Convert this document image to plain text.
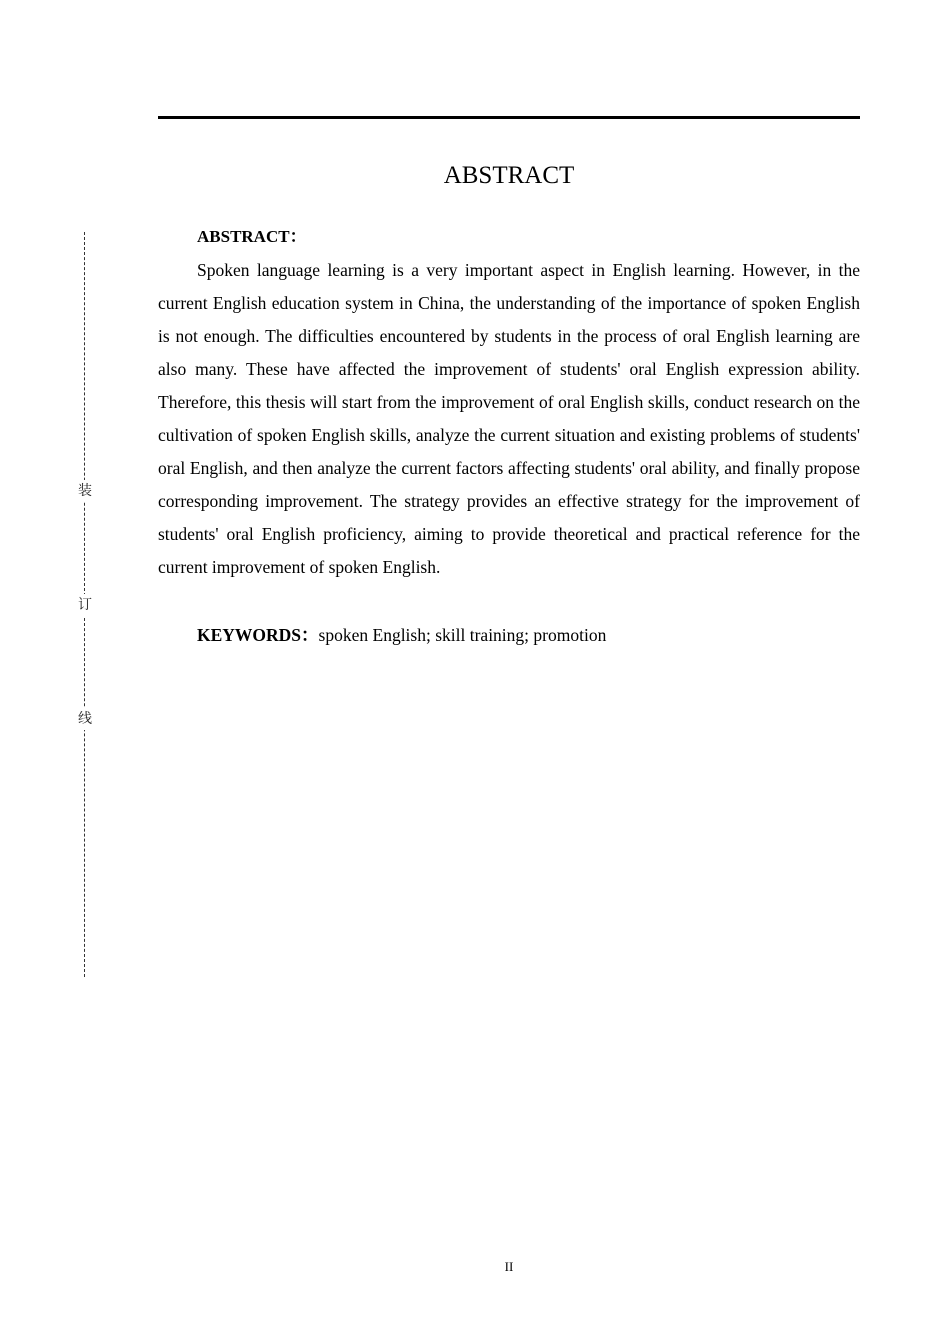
装
订
线
ABSTRACT
ABSTRACT：

Spoken language learning is a very important aspect in English learning. However, in the current English education system in China, the understanding of the importance of spoken English is not enough. The difficulties encountered by students in the process of oral English learning are also many. These have affected the improvement of students' oral English expression ability. Therefore, this thesis will start from the improvement of oral English skills, conduct research on the cultivation of spoken English skills, analyze the current situation and existing problems of students' oral English, and then analyze the current factors affecting students' oral ability, and finally propose corresponding improvement. The strategy provides an effective strategy for the improvement of students' oral English proficiency, aiming to provide theoretical and practical reference for the current improvement of spoken English.

KEYWORDS：spoken English; skill training; promotion
II
